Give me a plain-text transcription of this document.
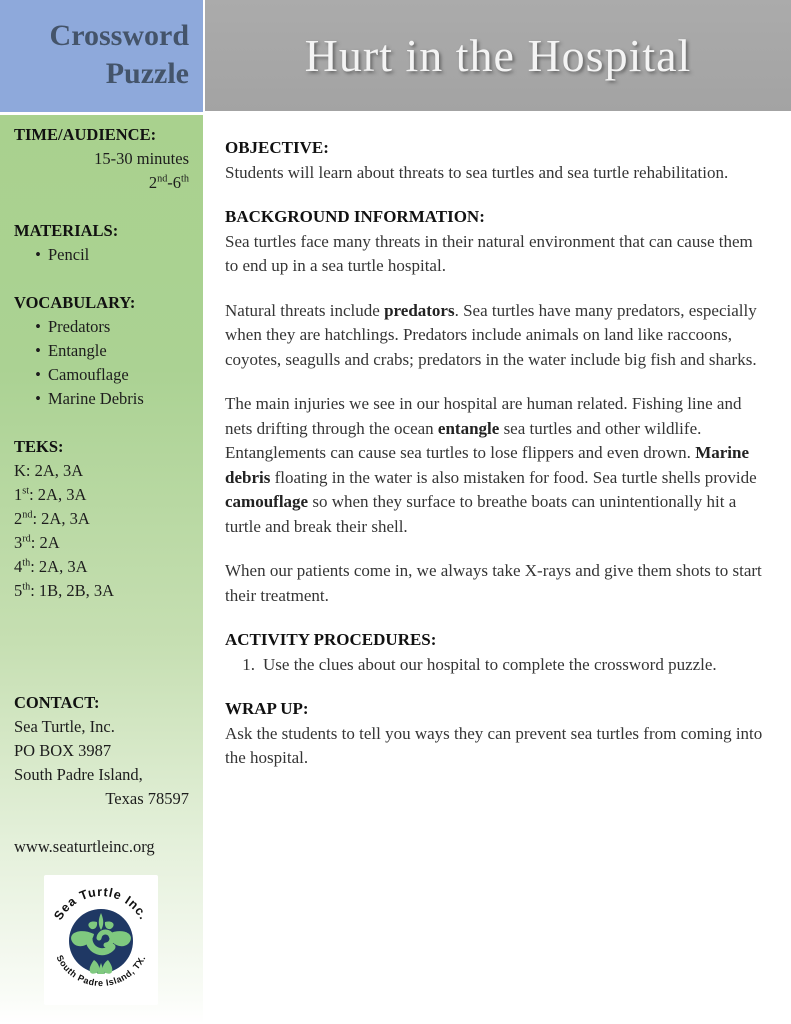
Crossword
Puzzle	Hurt in the Hospital
TIME/AUDIENCE:
15-30 minutes
2nd-6th
MATERIALS:
• Pencil
VOCABULARY:
• Predators
• Entangle
• Camouflage
• Marine Debris
TEKS:
K: 2A, 3A
1st: 2A, 3A
2nd: 2A, 3A
3rd: 2A
4th: 2A, 3A
5th: 1B, 2B, 3A
CONTACT:
Sea Turtle, Inc.
PO BOX 3987
South Padre Island,
Texas 78597
www.seaturtleinc.org
Sea Turtle Inc.
South Padre Island, TX.
OBJECTIVE:

Students will learn about threats to sea turtles and sea turtle rehabilitation.

BACKGROUND INFORMATION:

Sea turtles face many threats in their natural environment that can cause them to end up in a sea turtle hospital.

Natural threats include predators. Sea turtles have many predators, especially when they are hatchlings. Predators include animals on land like raccoons, coyotes, seagulls and crabs; predators in the water include big fish and sharks.

The main injuries we see in our hospital are human related. Fishing line and nets drifting through the ocean entangle sea turtles and other wildlife. Entanglements can cause sea turtles to lose flippers and even drown. Marine debris floating in the water is also mistaken for food. Sea turtle shells provide camouflage so when they surface to breathe boats can unintentionally hit a turtle and break their shell.

When our patients come in, we always take X-rays and give them shots to start their treatment.

ACTIVITY PROCEDURES:
1. Use the clues about our hospital to complete the crossword puzzle.
WRAP UP:

Ask the students to tell you ways they can prevent sea turtles from coming into the hospital.
